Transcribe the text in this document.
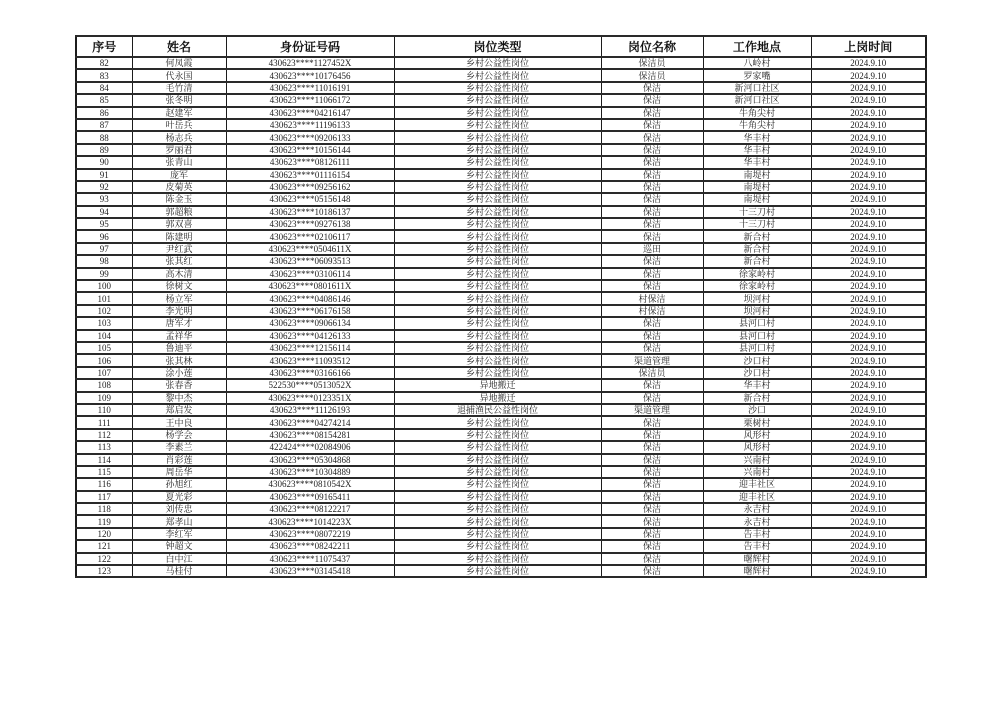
序号	姓名	身份证号码	岗位类型	岗位名称	工作地点	上岗时间
82	何凤霞	430623****1127452X	乡村公益性岗位	保洁员	八岭村	2024.9.10
83	代永国	430623****10176456	乡村公益性岗位	保洁员	罗家嘴	2024.9.10
84	毛竹清	430623****11016191	乡村公益性岗位	保洁	新河口社区	2024.9.10
85	张冬明	430623****11066172	乡村公益性岗位	保洁	新河口社区	2024.9.10
86	赵建军	430623****04216147	乡村公益性岗位	保洁	牛角尖村	2024.9.10
87	叶岳兵	430623****11196133	乡村公益性岗位	保洁	牛角尖村	2024.9.10
88	杨志兵	430623****09206133	乡村公益性岗位	保洁	华丰村	2024.9.10
89	罗丽君	430623****10156144	乡村公益性岗位	保洁	华丰村	2024.9.10
90	张青山	430623****08126111	乡村公益性岗位	保洁	华丰村	2024.9.10
91	庞军	430623****01116154	乡村公益性岗位	保洁	南堤村	2024.9.10
92	皮菊英	430623****09256162	乡村公益性岗位	保洁	南堤村	2024.9.10
93	陈金玉	430623****05156148	乡村公益性岗位	保洁	南堤村	2024.9.10
94	郭超粮	430623****10186137	乡村公益性岗位	保洁	十三刀村	2024.9.10
95	郭双喜	430623****09276138	乡村公益性岗位	保洁	十三刀村	2024.9.10
96	陈建明	430623****02106117	乡村公益性岗位	保洁	新合村	2024.9.10
97	尹红武	430623****0504611X	乡村公益性岗位	巡田	新合村	2024.9.10
98	张其红	430623****06093513	乡村公益性岗位	保洁	新合村	2024.9.10
99	高木清	430623****03106114	乡村公益性岗位	保洁	徐家岭村	2024.9.10
100	徐树文	430623****0801611X	乡村公益性岗位	保洁	徐家岭村	2024.9.10
101	杨立军	430623****04086146	乡村公益性岗位	村保洁	坝河村	2024.9.10
102	李光明	430623****06176158	乡村公益性岗位	村保洁	坝河村	2024.9.10
103	唐军才	430623****09066134	乡村公益性岗位	保洁	县河口村	2024.9.10
104	孟祥华	430623****04126133	乡村公益性岗位	保洁	县河口村	2024.9.10
105	鲁迪平	430623****12156114	乡村公益性岗位	保洁	县河口村	2024.9.10
106	张其林	430623****11093512	乡村公益性岗位	渠道管理	沙口村	2024.9.10
107	涂小莲	430623****03166166	乡村公益性岗位	保洁员	沙口村	2024.9.10
108	张春香	522530****0513052X	异地搬迁	保洁	华丰村	2024.9.10
109	黎中杰	430623****0123351X	异地搬迁	保洁	新合村	2024.9.10
110	郑启发	430623****11126193	退捕渔民公益性岗位	渠道管理	沙口	2024.9.10
111	王中良	430623****04274214	乡村公益性岗位	保洁	栗树村	2024.9.10
112	杨学会	430623****08154281	乡村公益性岗位	保洁	风形村	2024.9.10
113	李素兰	422424****02084906	乡村公益性岗位	保洁	风形村	2024.9.10
114	肖彩莲	430623****05304868	乡村公益性岗位	保洁	兴南村	2024.9.10
115	周岳华	430623****10304889	乡村公益性岗位	保洁	兴南村	2024.9.10
116	孙旭红	430623****0810542X	乡村公益性岗位	保洁	迎丰社区	2024.9.10
117	夏光彩	430623****09165411	乡村公益性岗位	保洁	迎丰社区	2024.9.10
118	刘传忠	430623****08122217	乡村公益性岗位	保洁	永吉村	2024.9.10
119	郑孝山	430623****1014223X	乡村公益性岗位	保洁	永吉村	2024.9.10
120	李红军	430623****08072219	乡村公益性岗位	保洁	告丰村	2024.9.10
121	钟超文	430623****08242211	乡村公益性岗位	保洁	告丰村	2024.9.10
122	白中江	430623****11075437	乡村公益性岗位	保洁	曙辉村	2024.9.10
123	马桂付	430623****03145418	乡村公益性岗位	保洁	曙辉村	2024.9.10
